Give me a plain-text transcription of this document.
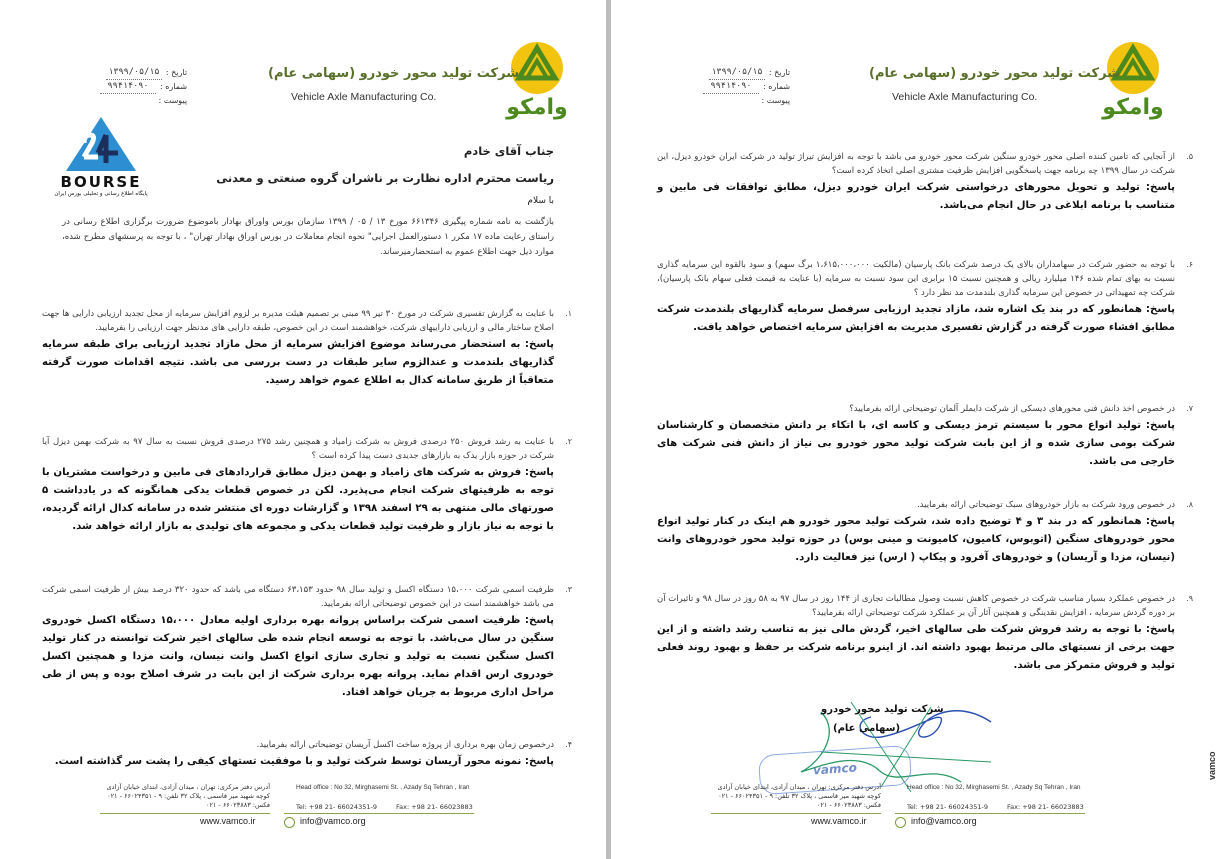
وامکو
شرکت تولید محور خودرو (سهامی عام)
Vehicle Axle Manufacturing Co.
تاریخ :
۱۳۹۹/۰۵/۱۵
شماره :
۹۹۴۱۴۰۹۰
پیوست :
BOURSE
پایگاه اطلاع رسانی و تحلیلی بورس ایران
جناب آقای خادم
ریاست محترم اداره نظارت بر ناشران گروه صنعتی و معدنی
با سلام
بازگشت به نامه شماره پیگیری ۶۶۱۳۴۶ مورخ ۱۳ / ۰۵ / ۱۳۹۹ سازمان بورس واوراق بهادار باموضوع ضرورت برگزاری اطلاع رسانی در راستای رعایت ماده ۱۷ مکرر ۱ دستورالعمل اجرایی" نحوه انجام معاملات در بورس اوراق بهادار تهران" ، با توجه به پرسشهای مطرح شده، موارد ذیل جهت اطلاع عموم به استحضارمیرساند.
۱.
با عنایت به گزارش تفسیری شرکت در مورخ ۳۰ تیر ۹۹ مبنی بر تصمیم هیئت مدیره بر لزوم افزایش سرمایه از محل تجدید ارزیابی دارایی ها جهت اصلاح ساختار مالی و ارزیابی داراییهای شرکت، خواهشمند است در این خصوص، طبقه دارایی های مدنظر جهت ارزیابی را بفرمایید.
پاسخ: به استحضار می‌رساند موضوع افزایش سرمایه از محل مازاد تجدید ارزیابی برای طبقه سرمایه گذاریهای بلندمدت و عندالزوم سایر طبقات در دست بررسی می باشد. نتیجه اقدامات صورت گرفته متعاقباً از طریق سامانه کدال به اطلاع عموم خواهد رسید.
۲.
با عنایت به رشد فروش ۲۵۰ درصدی فروش به شرکت زامیاد و همچنین رشد ۲۷۵ درصدی فروش نسبت به سال ۹۷ به شرکت بهمن دیزل آیا شرکت در حوزه بازار یدک به بازارهای جدیدی دست پیدا کرده است ؟
پاسخ: فروش به شرکت های زامیاد و بهمن دیزل مطابق قراردادهای فی مابین و درخواست مشتریان با توجه به ظرفیتهای شرکت انجام می‌پذیرد. لکن در خصوص قطعات یدکی همانگونه که در یادداشت ۵ صورتهای مالی منتهی به ۲۹ اسفند ۱۳۹۸ و گزارشات دوره ای منتشر شده در سامانه کدال ارائه گردیده، با توجه به نیاز بازار و ظرفیت تولید قطعات یدکی و مجموعه های تولیدی به بازار ارائه خواهد شد.
۳.
ظرفیت اسمی شرکت ۱۵،۰۰۰ دستگاه اکسل و تولید سال ۹۸ حدود ۶۳،۱۵۳ دستگاه می باشد که حدود ۳۲۰ درصد بیش از ظرفیت اسمی شرکت می باشد خواهشمند است در این خصوص توضیحاتی ارائه بفرمایید.
پاسخ: ظرفیت اسمی شرکت براساس پروانه بهره برداری اولیه معادل ۱۵،۰۰۰ دستگاه اکسل خودروی سنگین در سال می‌باشد. با توجه به توسعه انجام شده طی سالهای اخیر شرکت توانسته در کنار تولید اکسل سنگین نسبت به تولید و تجاری سازی انواع اکسل وانت نیسان، وانت مزدا و همچنین اکسل خودروی ارس اقدام نماید. پروانه بهره برداری شرکت از این بابت در شرف اصلاح بوده و پس از طی مراحل اداری مربوط به جریان خواهد افتاد.
۴.
درخصوص زمان بهره برداری از پروژه ساخت اکسل آریسان توضیحاتی ارائه بفرمایید.
پاسخ: نمونه محور آریسان توسط شرکت تولید و با موفقیت تستهای کیفی را پشت سر گذاشته است.
آدرس دفتر مرکزی: تهران ، میدان آزادی، ابتدای خیابان آزادی کوچه شهید میر قاسمی ، پلاک ۳۲ تلفن: ۹ - ۶۶۰۲۴۳۵۱ - ۰۲۱ فکس: ۶۶۰۲۳۸۸۳ - ۰۲۱
Head office : No 32, Mirghasemi St. , Azady Sq Tehran , Iran
Tel: +98 21- 66024351-9	Fax: +98 21- 66023883
www.vamco.ir	info@vamco.org
وامکو
شرکت تولید محور خودرو (سهامی عام)
Vehicle Axle Manufacturing Co.
تاریخ :
۱۳۹۹/۰۵/۱۵
شماره :
۹۹۴۱۴۰۹۰
پیوست :
۵.
از آنجایی که تامین کننده اصلی محور خودرو سنگین شرکت محور خودرو می باشد با توجه به افزایش تیراژ تولید در شرکت ایران خودرو دیزل، این شرکت در سال ۱۳۹۹ چه برنامه جهت پاسخگویی افزایش ظرفیت مشتری اصلی اتخاذ کرده است؟
پاسخ: تولید و تحویل محورهای درخواستی شرکت ایران خودرو دیزل، مطابق توافقات فی مابین و متناسب با برنامه ابلاغی در حال انجام می‌باشد.
۶.
با توجه به حضور شرکت در سهامداران بالای یک درصد شرکت بانک پارسیان (مالکیت ۱،۶۱۵،۰۰۰،۰۰۰ برگ سهم) و سود بالقوه این سرمایه گذاری نسبت به بهای تمام شده ۱۴۶ میلیارد ریالی و همچنین نسبت ۱۵ برابری این سود نسبت به سرمایه (با عنایت به قیمت فعلی سهام بانک پارسیان)، شرکت چه تمهیداتی در خصوص این سرمایه گذاری بلندمدت مد نظر دارد ؟
پاسخ: همانطور که در بند یک اشاره شد، مازاد تجدید ارزیابی سرفصل سرمایه گذاریهای بلندمدت شرکت مطابق افشاء صورت گرفته در گزارش تفسیری مدیریت به افزایش سرمایه اختصاص خواهد یافت.
۷.
در خصوص اخذ دانش فنی محورهای دیسکی از شرکت دایملر آلمان توضیحاتی ارائه بفرمایید؟
پاسخ: تولید انواع محور با سیستم ترمز دیسکی و کاسه ای، با اتکاء بر دانش متخصصان و کارشناسان شرکت بومی سازی شده و از این بابت شرکت تولید محور خودرو بی نیاز از دانش فنی شرکت های خارجی می باشد.
۸.
در خصوص ورود شرکت به بازار خودروهای سبک توضیحاتی ارائه بفرمایید.
پاسخ: همانطور که در بند ۳ و ۴ توضیح داده شد، شرکت تولید محور خودرو هم اینک در کنار تولید انواع محور خودروهای سنگین (اتوبوس، کامیون، کامیونت و مینی بوس) در حوزه تولید محور خودروهای وانت (نیسان، مزدا و آریسان) و خودروهای آفرود و پیکاپ ( ارس) نیز فعالیت دارد.
۹.
در خصوص عملکرد بسیار مناسب شرکت در خصوص کاهش نسبت وصول مطالبات تجاری از ۱۴۴ روز در سال ۹۷ به ۵۸ روز در سال ۹۸ و تاثیرات آن بر دوره گردش سرمایه ، افزایش نقدینگی و همچنین آثار آن بر عملکرد شرکت توضیحاتی ارائه بفرمایید؟
پاسخ: با توجه به رشد فروش شرکت طی سالهای اخیر، گردش مالی نیز به تناسب رشد داشته و از این جهت برخی از نسبتهای مالی مرتبط بهبود داشته اند. از اینرو برنامه شرکت بر حفظ و بهبود روند فعلی تولید و فروش متمرکز می باشد.
vamco
شرکت تولید محور خودرو
(سهامی عام)
آدرس دفتر مرکزی: تهران ، میدان آزادی، ابتدای خیابان آزادی کوچه شهید میر قاسمی ، پلاک ۳۲ تلفن: ۹ - ۶۶۰۲۴۳۵۱ - ۰۲۱ فکس: ۶۶۰۲۳۸۸۳ - ۰۲۱
Head office : No 32, Mirghasemi St. , Azady Sq Tehran , Iran
Tel: +98 21- 66024351-9	Fax: +98 21- 66023883
www.vamco.ir	info@vamco.org
vamco
